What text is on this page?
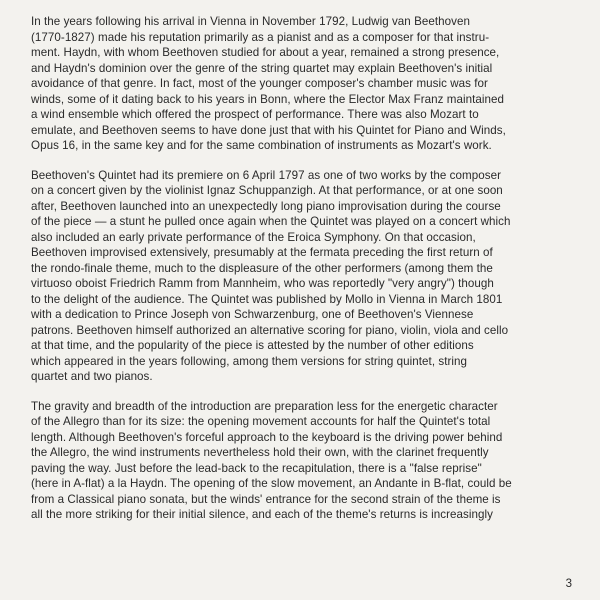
In the years following his arrival in Vienna in November 1792, Ludwig van Beethoven

(1770-1827) made his reputation primarily as a pianist and as a composer for that instru-

ment. Haydn, with whom Beethoven studied for about a year, remained a strong presence,

and Haydn's dominion over the genre of the string quartet may explain Beethoven's initial

avoidance of that genre. In fact, most of the younger composer's chamber music was for

winds, some of it dating back to his years in Bonn, where the Elector Max Franz maintained

a wind ensemble which offered the prospect of performance. There was also Mozart to

emulate, and Beethoven seems to have done just that with his Quintet for Piano and Winds,

Opus 16, in the same key and for the same combination of instruments as Mozart's work.

Beethoven's Quintet had its premiere on 6 April 1797 as one of two works by the composer

on a concert given by the violinist Ignaz Schuppanzigh. At that performance, or at one soon

after, Beethoven launched into an unexpectedly long piano improvisation during the course

of the piece — a stunt he pulled once again when the Quintet was played on a concert which

also included an early private performance of the Eroica Symphony. On that occasion,

Beethoven improvised extensively, presumably at the fermata preceding the first return of

the rondo-finale theme, much to the displeasure of the other performers (among them the

virtuoso oboist Friedrich Ramm from Mannheim, who was reportedly "very angry") though

to the delight of the audience. The Quintet was published by Mollo in Vienna in March 1801

with a dedication to Prince Joseph von Schwarzenburg, one of Beethoven's Viennese

patrons. Beethoven himself authorized an alternative scoring for piano, violin, viola and cello

at that time, and the popularity of the piece is attested by the number of other editions

which appeared in the years following, among them versions for string quintet, string

quartet and two pianos.

The gravity and breadth of the introduction are preparation less for the energetic character

of the Allegro than for its size: the opening movement accounts for half the Quintet's total

length. Although Beethoven's forceful approach to the keyboard is the driving power behind

the Allegro, the wind instruments nevertheless hold their own, with the clarinet frequently

paving the way. Just before the lead-back to the recapitulation, there is a "false reprise"

(here in A-flat) a la Haydn. The opening of the slow movement, an Andante in B-flat, could be

from a Classical piano sonata, but the winds' entrance for the second strain of the theme is

all the more striking for their initial silence, and each of the theme's returns is increasingly

3
